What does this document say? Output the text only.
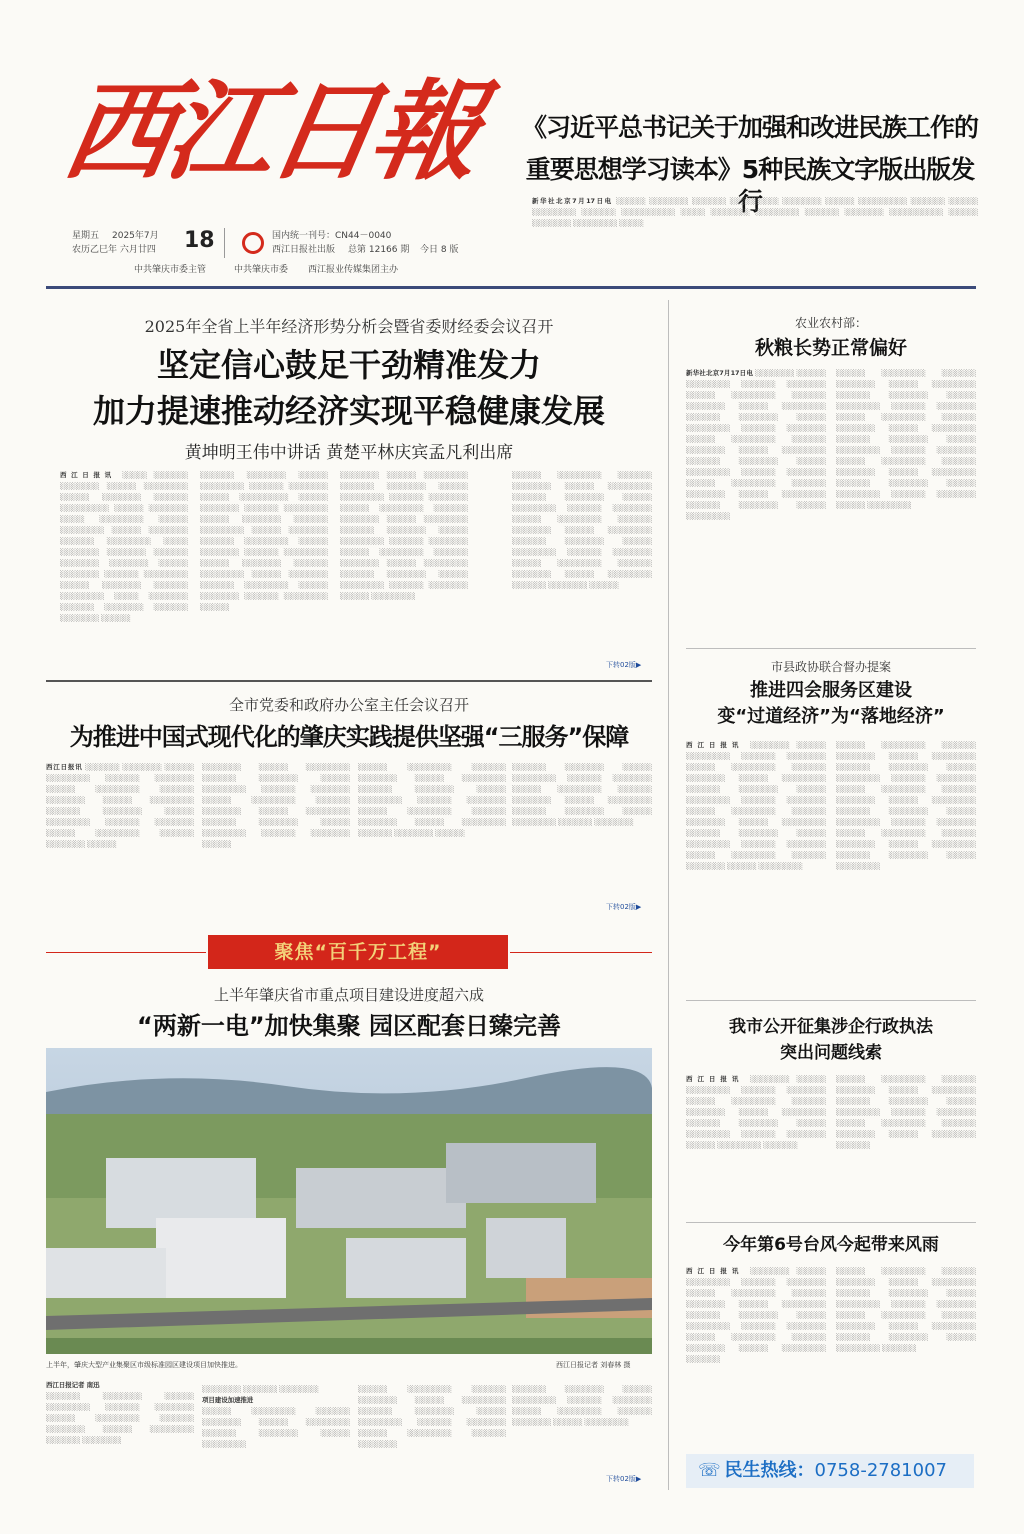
西江日報
星期五 2025年7月
农历乙巳年 六月廿四 18	国内统一刊号：CN44－0040
西江日报社出版 总第 12166 期 今日 8 版
中共肇庆市委主管	中共肇庆市委 西江报业传媒集团主办
《习近平总书记关于加强和改进民族工作的
重要思想学习读本》5种民族文字版出版发行
新华社北京7月17日电 ░░░░░░ ░░░░░░░░ ░░░░░░░ ░░░░░░░░░░ ░░░░░░░░ ░░░░░░ ░░░░░░░░░░ ░░░░░░░ ░░░░░░ ░░░░░░░░░ ░░░░░░░ ░░░░░░░░░░░ ░░░░░ ░░░░░░░░ ░░░░░░░░░ ░░░░░░░ ░░░░░░░░ ░░░░░░░░░░░ ░░░░░░ ░░░░░░░░ ░░░░░░░░░ ░░░░░
2025年全省上半年经济形势分析会暨省委财经委会议召开
坚定信心鼓足干劲精准发力
加力提速推动经济实现平稳健康发展
黄坤明王伟中讲话 黄楚平林庆宾孟凡利出席
西江日报讯 ░░░░░ ░░░░░░░ ░░░░░░░░ ░░░░░░ ░░░░░░░░░ ░░░░░░ ░░░░░░░░ ░░░░░░░ ░░░░░░░░░░ ░░░░░░ ░░░░░░░░ ░░░░░ ░░░░░░░░░ ░░░░░░ ░░░░░░░░░ ░░░░░░ ░░░░░░░░ ░░░░░░░ ░░░░░░░░░ ░░░░░ ░░░░░░░░ ░░░░░░░░ ░░░░░░░ ░░░░░░░░ ░░░░░░░░ ░░░░░░ ░░░░░░░░ ░░░░░░░ ░░░░░░░░░ ░░░░░░ ░░░░░░░░ ░░░░░░░ ░░░░░░░░░ ░░░░░ ░░░░░░░░ ░░░░░░░ ░░░░░░░░ ░░░░░░░ ░░░░░░░░ ░░░░░░
░░░░░░░ ░░░░░░░░ ░░░░░░ ░░░░░░░░░ ░░░░░░░ ░░░░░░░░ ░░░░░░ ░░░░░░░░░░ ░░░░░░ ░░░░░░░░ ░░░░░░░ ░░░░░░░░░ ░░░░░░ ░░░░░░░░ ░░░░░░░ ░░░░░░░░░ ░░░░░░ ░░░░░░░░ ░░░░░░░ ░░░░░░░░░ ░░░░░░ ░░░░░░░░ ░░░░░░░ ░░░░░░░░░ ░░░░░░ ░░░░░░░░ ░░░░░░░ ░░░░░░░░░ ░░░░░░ ░░░░░░░░ ░░░░░░░ ░░░░░░░░░ ░░░░░░ ░░░░░░░░ ░░░░░░░ ░░░░░░░░░ ░░░░░░
░░░░░░░░ ░░░░░░ ░░░░░░░░░ ░░░░░░░ ░░░░░░░░ ░░░░░░ ░░░░░░░░░ ░░░░░░░ ░░░░░░░░ ░░░░░░ ░░░░░░░░░ ░░░░░░░ ░░░░░░░░ ░░░░░░ ░░░░░░░░░ ░░░░░░░ ░░░░░░░░ ░░░░░░ ░░░░░░░░░ ░░░░░░░ ░░░░░░░░ ░░░░░░ ░░░░░░░░░ ░░░░░░░ ░░░░░░░░ ░░░░░░ ░░░░░░░░░ ░░░░░░░ ░░░░░░░░ ░░░░░░ ░░░░░░░░░ ░░░░░░░ ░░░░░░░░ ░░░░░░ ░░░░░░░░░
░░░░░░ ░░░░░░░░░ ░░░░░░░ ░░░░░░░░ ░░░░░░ ░░░░░░░░░ ░░░░░░░ ░░░░░░░░ ░░░░░░ ░░░░░░░░░ ░░░░░░░ ░░░░░░░░ ░░░░░░ ░░░░░░░░░ ░░░░░░░ ░░░░░░░░ ░░░░░░ ░░░░░░░░░ ░░░░░░░ ░░░░░░░░ ░░░░░░ ░░░░░░░░░ ░░░░░░░ ░░░░░░░░ ░░░░░░ ░░░░░░░░░ ░░░░░░░ ░░░░░░░░ ░░░░░░ ░░░░░░░░░ ░░░░░░░ ░░░░░░░░ ░░░░░░
下转02版▶
全市党委和政府办公室主任会议召开
为推进中国式现代化的肇庆实践提供坚强“三服务”保障
西江日报讯 ░░░░░░░ ░░░░░░░░ ░░░░░░ ░░░░░░░░░ ░░░░░░░ ░░░░░░░░ ░░░░░░ ░░░░░░░░░ ░░░░░░░ ░░░░░░░░ ░░░░░░ ░░░░░░░░░ ░░░░░░░ ░░░░░░░░ ░░░░░░ ░░░░░░░░░ ░░░░░░░ ░░░░░░░░ ░░░░░░ ░░░░░░░░░ ░░░░░░░ ░░░░░░░░ ░░░░░░
░░░░░░░░ ░░░░░░ ░░░░░░░░░ ░░░░░░░ ░░░░░░░░ ░░░░░░ ░░░░░░░░░ ░░░░░░░ ░░░░░░░░ ░░░░░░ ░░░░░░░░░ ░░░░░░░ ░░░░░░░░ ░░░░░░ ░░░░░░░░░ ░░░░░░░ ░░░░░░░░ ░░░░░░ ░░░░░░░░░ ░░░░░░░ ░░░░░░░░ ░░░░░░
░░░░░░ ░░░░░░░░░ ░░░░░░░ ░░░░░░░░ ░░░░░░ ░░░░░░░░░ ░░░░░░░ ░░░░░░░░ ░░░░░░ ░░░░░░░░░ ░░░░░░░ ░░░░░░░░ ░░░░░░ ░░░░░░░░░ ░░░░░░░ ░░░░░░░░ ░░░░░░ ░░░░░░░░░ ░░░░░░░ ░░░░░░░░ ░░░░░░
░░░░░░░ ░░░░░░░░ ░░░░░░ ░░░░░░░░░ ░░░░░░░ ░░░░░░░░ ░░░░░░ ░░░░░░░░░ ░░░░░░░ ░░░░░░░░ ░░░░░░ ░░░░░░░░░ ░░░░░░░ ░░░░░░░░ ░░░░░░ ░░░░░░░░░ ░░░░░░░ ░░░░░░░░
下转02版▶
聚焦“百千万工程”
上半年肇庆省市重点项目建设进度超六成
“两新一电”加快集聚 园区配套日臻完善
上半年，肇庆大型产业集聚区市级标准园区建设项目加快推进。	西江日报记者 刘春林 摄
西江日报记者 南迅
░░░░░░░ ░░░░░░░░ ░░░░░░ ░░░░░░░░░ ░░░░░░░ ░░░░░░░░ ░░░░░░ ░░░░░░░░░ ░░░░░░░ ░░░░░░░░ ░░░░░░ ░░░░░░░░░ ░░░░░░░ ░░░░░░░░
░░░░░░░░ ░░░░░░░ ░░░░░░░░
项目建设加速推进
░░░░░░ ░░░░░░░░░ ░░░░░░░ ░░░░░░░░ ░░░░░░ ░░░░░░░░░ ░░░░░░░ ░░░░░░░░ ░░░░░░ ░░░░░░░░░
░░░░░░ ░░░░░░░░░ ░░░░░░░ ░░░░░░░░ ░░░░░░ ░░░░░░░░░ ░░░░░░░ ░░░░░░░░ ░░░░░░ ░░░░░░░░░ ░░░░░░░ ░░░░░░░░ ░░░░░░ ░░░░░░░░░ ░░░░░░░ ░░░░░░░░
░░░░░░░ ░░░░░░░░ ░░░░░░ ░░░░░░░░░ ░░░░░░░ ░░░░░░░░ ░░░░░░ ░░░░░░░░░ ░░░░░░░ ░░░░░░░░ ░░░░░░ ░░░░░░░░░
下转02版▶
农业农村部：
秋粮长势正常偏好
新华社北京7月17日电 ░░░░░░░░ ░░░░░░ ░░░░░░░░░ ░░░░░░░ ░░░░░░░░ ░░░░░░ ░░░░░░░░░ ░░░░░░░ ░░░░░░░░ ░░░░░░ ░░░░░░░░░ ░░░░░░░ ░░░░░░░░ ░░░░░░ ░░░░░░░░░ ░░░░░░░ ░░░░░░░░ ░░░░░░ ░░░░░░░░░ ░░░░░░░ ░░░░░░░░ ░░░░░░ ░░░░░░░░░ ░░░░░░░ ░░░░░░░░ ░░░░░░ ░░░░░░░░░ ░░░░░░░ ░░░░░░░░ ░░░░░░ ░░░░░░░░░ ░░░░░░░ ░░░░░░░░ ░░░░░░ ░░░░░░░░░ ░░░░░░░ ░░░░░░░░ ░░░░░░ ░░░░░░░░░
░░░░░░ ░░░░░░░░░ ░░░░░░░ ░░░░░░░░ ░░░░░░ ░░░░░░░░░ ░░░░░░░ ░░░░░░░░ ░░░░░░ ░░░░░░░░░ ░░░░░░░ ░░░░░░░░ ░░░░░░ ░░░░░░░░░ ░░░░░░░ ░░░░░░░░ ░░░░░░ ░░░░░░░░░ ░░░░░░░ ░░░░░░░░ ░░░░░░ ░░░░░░░░░ ░░░░░░░ ░░░░░░░░ ░░░░░░ ░░░░░░░░░ ░░░░░░░ ░░░░░░░░ ░░░░░░ ░░░░░░░░░ ░░░░░░░ ░░░░░░░░ ░░░░░░ ░░░░░░░░░ ░░░░░░░ ░░░░░░░░ ░░░░░░ ░░░░░░░░░
市县政协联合督办提案
推进四会服务区建设
变“过道经济”为“落地经济”
西江日报讯 ░░░░░░░░ ░░░░░░ ░░░░░░░░░ ░░░░░░░ ░░░░░░░░ ░░░░░░ ░░░░░░░░░ ░░░░░░░ ░░░░░░░░ ░░░░░░ ░░░░░░░░░ ░░░░░░░ ░░░░░░░░ ░░░░░░ ░░░░░░░░░ ░░░░░░░ ░░░░░░░░ ░░░░░░ ░░░░░░░░░ ░░░░░░░ ░░░░░░░░ ░░░░░░ ░░░░░░░░░ ░░░░░░░ ░░░░░░░░ ░░░░░░ ░░░░░░░░░ ░░░░░░░ ░░░░░░░░ ░░░░░░ ░░░░░░░░░ ░░░░░░░ ░░░░░░░░ ░░░░░░ ░░░░░░░░░
░░░░░░ ░░░░░░░░░ ░░░░░░░ ░░░░░░░░ ░░░░░░ ░░░░░░░░░ ░░░░░░░ ░░░░░░░░ ░░░░░░ ░░░░░░░░░ ░░░░░░░ ░░░░░░░░ ░░░░░░ ░░░░░░░░░ ░░░░░░░ ░░░░░░░░ ░░░░░░ ░░░░░░░░░ ░░░░░░░ ░░░░░░░░ ░░░░░░ ░░░░░░░░░ ░░░░░░░ ░░░░░░░░ ░░░░░░ ░░░░░░░░░ ░░░░░░░ ░░░░░░░░ ░░░░░░ ░░░░░░░░░ ░░░░░░░ ░░░░░░░░ ░░░░░░ ░░░░░░░░░
我市公开征集涉企行政执法
突出问题线索
西江日报讯 ░░░░░░░░ ░░░░░░ ░░░░░░░░░ ░░░░░░░ ░░░░░░░░ ░░░░░░ ░░░░░░░░░ ░░░░░░░ ░░░░░░░░ ░░░░░░ ░░░░░░░░░ ░░░░░░░ ░░░░░░░░ ░░░░░░ ░░░░░░░░░ ░░░░░░░ ░░░░░░░░ ░░░░░░ ░░░░░░░░░ ░░░░░░░
░░░░░░ ░░░░░░░░░ ░░░░░░░ ░░░░░░░░ ░░░░░░ ░░░░░░░░░ ░░░░░░░ ░░░░░░░░ ░░░░░░ ░░░░░░░░░ ░░░░░░░ ░░░░░░░░ ░░░░░░ ░░░░░░░░░ ░░░░░░░ ░░░░░░░░ ░░░░░░ ░░░░░░░░░ ░░░░░░░
今年第6号台风今起带来风雨
西江日报讯 ░░░░░░░░ ░░░░░░ ░░░░░░░░░ ░░░░░░░ ░░░░░░░░ ░░░░░░ ░░░░░░░░░ ░░░░░░░ ░░░░░░░░ ░░░░░░ ░░░░░░░░░ ░░░░░░░ ░░░░░░░░ ░░░░░░ ░░░░░░░░░ ░░░░░░░ ░░░░░░░░ ░░░░░░ ░░░░░░░░░ ░░░░░░░ ░░░░░░░░ ░░░░░░ ░░░░░░░░░ ░░░░░░░
░░░░░░ ░░░░░░░░░ ░░░░░░░ ░░░░░░░░ ░░░░░░ ░░░░░░░░░ ░░░░░░░ ░░░░░░░░ ░░░░░░ ░░░░░░░░░ ░░░░░░░ ░░░░░░░░ ░░░░░░ ░░░░░░░░░ ░░░░░░░ ░░░░░░░░ ░░░░░░ ░░░░░░░░░ ░░░░░░░ ░░░░░░░░ ░░░░░░ ░░░░░░░░░ ░░░░░░░
☏ 民生热线：0758-2781007
